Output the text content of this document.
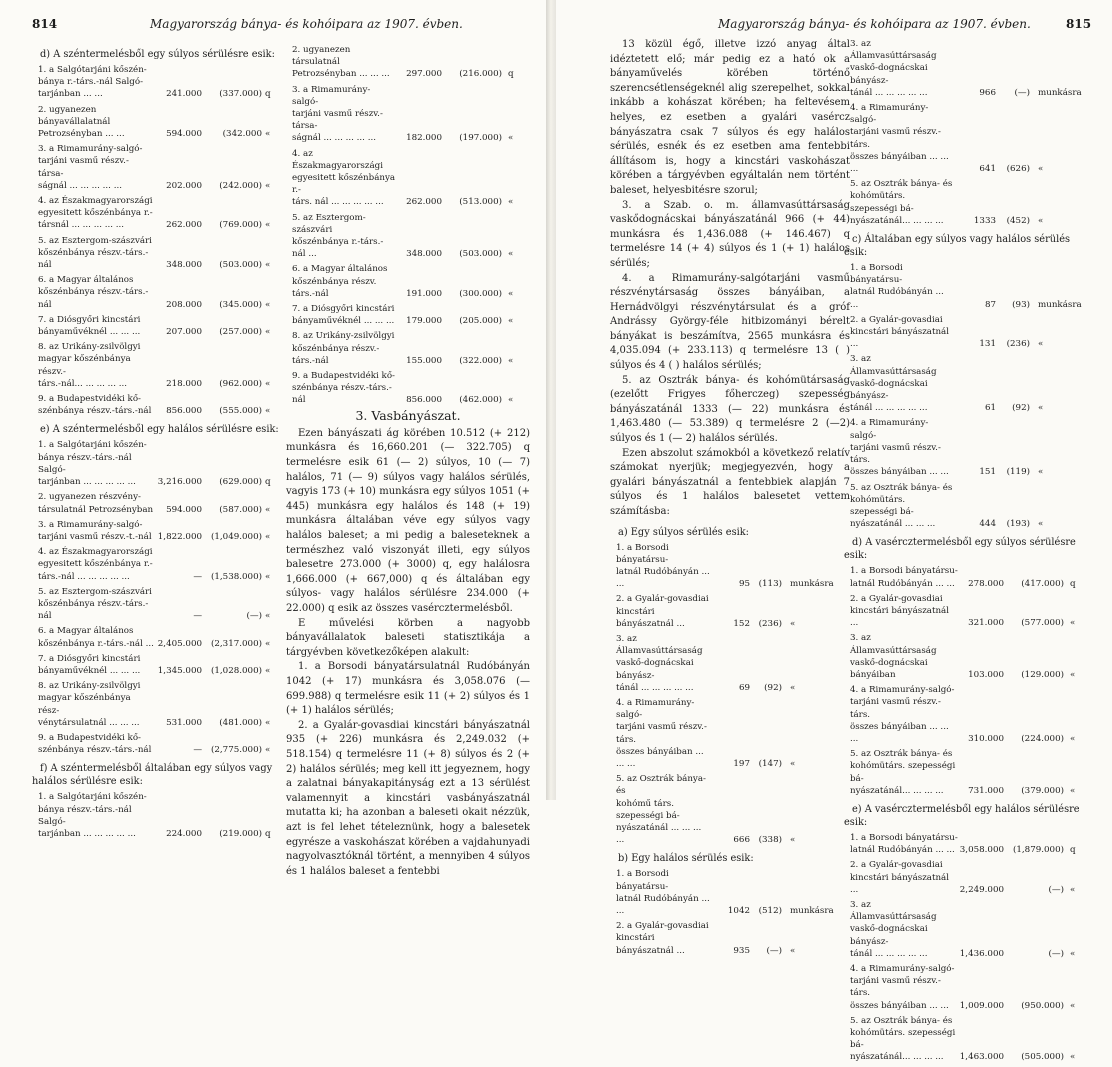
814	Magyarország bánya- és kohóipara az 1907. évben.
d) A széntermelésből egy súlyos sérülésre esik:
1. a Salgótarjáni kőszén-
bánya r.-társ.-nál Salgó-
tarjánban ... ...	241.000	(337.000) q
2. ugyanezen bányavállalatnál Petrozsényban ... ...	594.000	(342.000 «
3. a Rimamurány-salgó-
tarjáni vasmű részv.-társa-
ságnál ... ... ... ... ...	202.000	(242.000) «
4. az Északmagyarországi
egyesitett kőszénbánya r.-
társnál ... ... ... ... ...	262.000	(769.000) «
5. az Esztergom-szászvári
kőszénbánya részv.-társ.-nál	348.000	(503.000) «
6. a Magyar általános
kőszénbánya részv.-társ.-nál	208.000	(345.000) «
7. a Diósgyőri kincstári
bányaművéknél ... ... ...	207.000	(257.000) «
8. az Urikány-zsilvölgyi
magyar kőszénbánya részv.-
társ.-nál... ... ... ... ...	218.000	(962.000) «
9. a Budapestvidéki kő-
szénbánya részv.-társ.-nál	856.000	(555.000) «
e) A széntermelésből egy halálos sérülésre esik:
1. a Salgótarjáni kőszén-
bánya részv.-társ.-nál Salgó-
tarjánban ... ... ... ... ...	3,216.000	(629.000) q
2. ugyanezen részvény-
társulatnál Petrozsényban	594.000	(587.000) «
3. a Rimamurány-salgó-
tarjáni vasmű részv.-t.-nál 1,822.000	(1,049.000) «
4. az Északmagyarországi
egyesitett kőszénbánya r.-
társ.-nál ... ... ... ... ...	—	(1,538.000) «
5. az Esztergom-szászvári
kőszénbánya részv.-társ.-nál	—	(—) «
6. a Magyar általános
kőszénbánya r.-társ.-nál ... 2,405.000	(2,317.000) «
7. a Diósgyőri kincstári
bányaművéknél ... ... ...	1,345.000	(1,028.000) «
8. az Urikány-zsilvölgyi
magyar kőszénbánya rész-
vénytársulatnál ... ... ...	531.000	(481.000) «
9. a Budapestvidéki kő-
szénbánya részv.-társ.-nál	—	(2,775.000) «
f) A széntermelésből általában egy súlyos vagy halálos sérülésre esik:
1. a Salgótarjáni kőszén-
bánya részv.-társ.-nál Salgó-
tarjánban ... ... ... ... ...	224.000	(219.000) q
2. ugyanezen társulatnál
Petrozsényban ... ... ...	297.000	(216.000) q
3. a Rimamurány-salgó-
tarjáni vasmű részv.-társa-
ságnál ... ... ... ... ...	182.000	(197.000) «
4. az Északmagyarországi
egyesitett kőszénbánya r.-
társ. nál ... ... ... ... ...	262.000	(513.000) «
5. az Esztergom-szászvári
kőszénbánya r.-társ.-nál ...	348.000	(503.000) «
6. a Magyar általános
kőszénbánya részv. társ.-nál	191.000	(300.000) «
7. a Diósgyőri kincstári
bányaművéknél ... ... ...	179.000	(205.000) «
8. az Urikány-zsilvölgyi
kőszénbánya részv.-társ.-nál	155.000	(322.000) «
9. a Budapestvidéki kő-
szénbánya részv.-társ.-nál	856.000	(462.000) «
3. Vasbányászat.

Ezen bányászati ág körében 10.512 (+ 212) munkásra és 16,660.201 (— 322.705) q termelésre esik 61 (— 2) súlyos, 10 (— 7) halálos, 71 (— 9) súlyos vagy halálos sérülés, vagyis 173 (+ 10) munkásra egy súlyos 1051 (+ 445) munkásra egy halálos és 148 (+ 19) munkásra általában véve egy súlyos vagy halálos baleset; a mi pedig a baleseteknek a természhez való viszonyát illeti, egy súlyos balesetre 273.000 (+ 3000) q, egy halálosra 1,666.000 (+ 667,000) q és általában egy súlyos- vagy halálos sérülésre 234.000 (+ 22.000) q esik az összes vasércztermelésből.

E művelési körben a nagyobb bányavállalatok baleseti statisztikája a tárgyévben következőképen alakult:

1. a Borsodi bányatársulatnál Rudóbányán 1042 (+ 17) munkásra és 3,058.076 (— 699.988) q termelésre esik 11 (+ 2) súlyos és 1 (+ 1) halálos sérülés;

2. a Gyalár-govasdiai kincstári bányászatnál 935 (+ 226) munkásra és 2,249.032 (+ 518.154) q termelésre 11 (+ 8) súlyos és 2 (+ 2) halálos sérülés; meg kell itt jegyeznem, hogy a zalatnai bányakapitányság ezt a 13 sérülést valamennyit a kincstári vasbányászatnál mutatta ki; ha azonban a baleseti okait nézzük, azt is fel lehet tételeznünk, hogy a balesetek egyrésze a vaskohászat körében a vajdahunyadi nagyolvasztóknál történt, a mennyiben 4 súlyos és 1 halálos baleset a fentebbi

Magyarország bánya- és kohóipara az 1907. évben.	815

13 közül égő, illetve izzó anyag által idéztetett elő; már pedig ez a ható ok a bányaművelés körében történő szerencsétlenségeknél alig szerepelhet, sokkal inkább a kohászat körében; ha feltevésem helyes, ez esetben a gyalári vasércz bányászatra csak 7 súlyos és egy halálos sérülés, esnék és ez esetben ama fentebbi állításom is, hogy a kincstári vaskohászat körében a tárgyévben egyáltalán nem történt baleset, helyesbitésre szorul;

3. a Szab. o. m. államvasúttársaság vaskődognácskai bányászatánál 966 (+ 44) munkásra és 1,436.088 (+ 146.467) q termelésre 14 (+ 4) súlyos és 1 (+ 1) halálos sérülés;

4. a Rimamurány-salgótarjáni vasmű részvénytársaság összes bányáiban, a Hernádvölgyi részvénytársulat és a gróf Andrássy György-féle hitbizományi bérelt bányákat is beszámítva, 2565 munkásra és 4,035.094 (+ 233.113) q termelésre 13 ( ) súlyos és 4 ( ) halálos sérülés;

5. az Osztrák bánya- és kohómütársaság (ezelőtt Frigyes főherczeg) szepesség bányászatánál 1333 (— 22) munkásra és 1,463.480 (— 53.389) q termelésre 2 (—2) súlyos és 1 (— 2) halálos sérülés.

Ezen abszolut számokból a következő relatív számokat nyerjük; megjegyezvén, hogy a gyalári bányászatnál a fentebbiek alapján 7 súlyos és 1 halálos balesetet vettem számításba:

a) Egy súlyos sérülés esik:
1. a Borsodi bányatársu-
latnál Rudóbányán ... ...	95 (113) munkásra
2. a Gyalár-govasdiai
kincstári bányászatnál ...	152 (236) «
3. az Államvasúttársaság
vaskő-dognácskai bányász-
tánál ... ... ... ... ...	69	(92) «
4. a Rimamurány-salgó-
tarjáni vasmű részv.-társ.
összes bányáiban ... ... ...	197 (147) «
5. az Osztrák bánya- és
kohómű társ. szepességi bá-
nyászatánál ... ... ... ...	666 (338) «
b) Egy halálos sérülés esik:
1. a Borsodi bányatársu-
latnál Rudóbányán ... ...	1042 (512) munkásra
2. a Gyalár-govasdiai
kincstári bányászatnál ...	935	(—) «
3. az Államvasúttársaság
vaskő-dognácskai bányász-
tánál ... ... ... ... ...	966	(—) munkásra
4. a Rimamurány-salgó-
tarjáni vasmű részv.-társ.
összes bányáiban ... ... ...	641	(626) «
5. az Osztrák bánya- és
kohómütárs. szepességi bá-
nyászatánál... ... ... ...	1333	(452) «
c) Általában egy súlyos vagy halálos sérülés esik:
1. a Borsodi bányatársu-
latnál Rudóbányán ... ...	87	(93) munkásra
2. a Gyalár-govasdiai
kincstári bányászatnál ...	131	(236) «
3. az Államvasúttársaság
vaskő-dognácskai bányász-
tánál ... ... ... ... ...	61	(92) «
4. a Rimamurány-salgó-
tarjáni vasmű részv.-társ.
összes bányáiban ... ...	151	(119) «
5. az Osztrák bánya- és
kohómütárs. szepességi bá-
nyászatánál ... ... ...	444	(193) «
d) A vasércztermelésből egy súlyos sérülésre esik:
1. a Borsodi bányatársu-
latnál Rudóbányán ... ...	278.000	(417.000) q
2. a Gyalár-govasdiai
kincstári bányászatnál ...	321.000	(577.000) «
3. az Államvasúttársaság
vaskő-dognácskai bányáiban	103.000	(129.000) «
4. a Rimamurány-salgó-
tarjáni vasmű részv.-társ.
összes bányáiban ... ... ...	310.000	(224.000) «
5. az Osztrák bánya- és
kohómütárs. szepességi bá-
nyászatánál... ... ... ...	731.000	(379.000) «
e) A vasércztermelésből egy halálos sérülésre esik:
1. a Borsodi bányatársu-
latnál Rudóbányán ... ... 3,058.000	(1,879.000) q
2. a Gyalár-govasdiai
kincstári bányászatnál ...	2,249.000	(—) «
3. az Államvasúttársaság
vaskő-dognácskai bányász-
tánál ... ... ... ... ...	1,436.000	(—) «
4. a Rimamurány-salgó-
tarjáni vasmű részv.-társ.
összes bányáiban ... ...	1,009.000	(950.000) «
5. az Osztrák bánya- és
kohómütárs. szepességi bá-
nyászatánál... ... ... ...	1,463.000	(505.000) «
